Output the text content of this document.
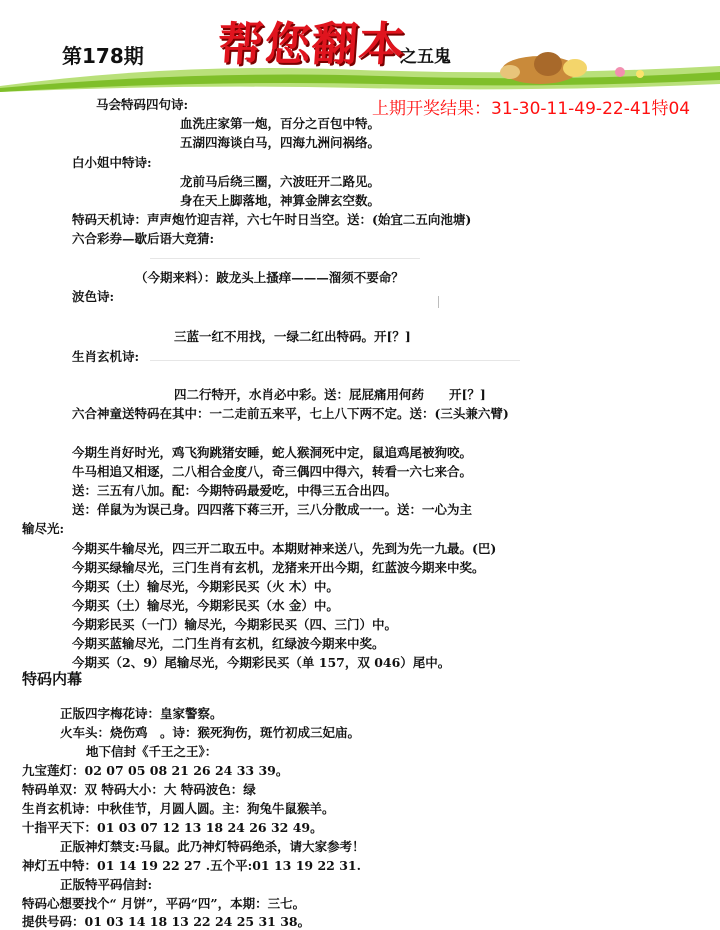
第178期 帮您翻本
之五鬼
上期开奖结果：31-30-11-49-22-41特04
马会特码四句诗:
血洗庄家第一炮，百分之百包中特。
五湖四海谈白马，四海九洲问祸络。
白小姐中特诗:
龙前马后绕三圈，六波旺开二路见。
身在天上脚落地，神算金牌玄空数。
特码天机诗：声声炮竹迎吉祥，六七午时日当空。送：(始宜二五向池塘)
六合彩券—歇后语大竞猜:
（今期来料）：跛龙头上搔痒———溜须不要命？
波色诗:
三蓝一红不用找，一绿二红出特码。开[？]
生肖玄机诗:
四二行特开，水肖必中彩。送：屁屁痛用何药　　开[？]
六合神童送特码在其中：一二走前五来平，七上八下两不定。送：(三头兼六臂)
今期生肖好时光，鸡飞狗跳猪安睡，蛇人猴洞死中定，鼠追鸡尾被狗咬。
牛马相追又相逐，二八相合金度八，奇三偶四中得六，转看一六七来合。
送：三五有八加。配：今期特码最爱吃，中得三五合出四。
送：佯鼠为为误己身。四四落下蒋三开，三八分散成一一。送：一心为主
输尽光:
今期买牛输尽光，四三开二取五中。本期财神来送八，先到为先一九最。(巴)
今期买绿输尽光，三门生肖有玄机，龙猪来开出今期，红蓝波今期来中奖。
今期买（土）输尽光，今期彩民买（火 木）中。
今期买（土）输尽光，今期彩民买（水 金）中。
今期彩民买（一门）输尽光，今期彩民买（四、三门）中。
今期买蓝输尽光，二门生肖有玄机，红绿波今期来中奖。
今期买（2、9）尾输尽光，今期彩民买（单 157，双 046）尾中。
正版四字梅花诗：皇家警察。
火车头：烧伤鸡　。诗：猴死狗伤，斑竹初成三妃庙。
地下信封《千王之王》：
九宝莲灯：02 07 05 08 21 26 24 33 39。
特码单双：双 特码大小：大 特码波色：绿
生肖玄机诗：中秋佳节，月圆人圆。主：狗兔牛鼠猴羊。
十指平天下：01 03 07 12 13 18 24 26 32 49。
正版神灯禁支:马鼠。此乃神灯特码绝杀，请大家参考！
神灯五中特：01 14 19 22 27 .五个平:01 13 19 22 31.
正版特平码信封:
特码心想要找个“ 月饼”，平码“四”，本期：三七。
提供号码：01 03 14 18 13 22 24 25 31 38。
特码内幕
